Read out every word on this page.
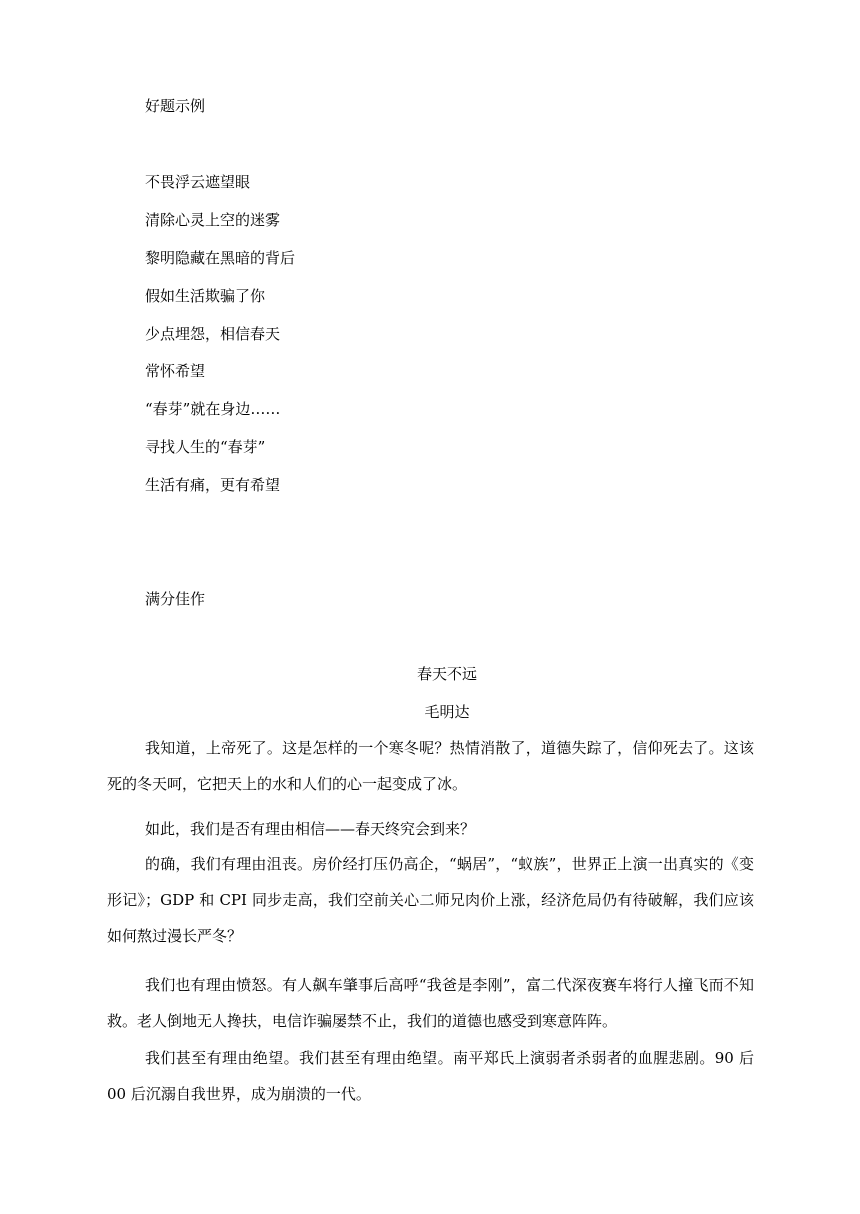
好题示例
不畏浮云遮望眼
清除心灵上空的迷雾
黎明隐藏在黑暗的背后
假如生活欺骗了你
少点埋怨，相信春天
常怀希望
“春芽”就在身边……
寻找人生的“春芽”
生活有痛，更有希望
满分佳作
春天不远
毛明达
我知道，上帝死了。这是怎样的一个寒冬呢？热情消散了，道德失踪了，信仰死去了。这该死的冬天呵，它把天上的水和人们的心一起变成了冰。
如此，我们是否有理由相信——春天终究会到来？
的确，我们有理由沮丧。房价经打压仍高企，“蜗居”，“蚁族”，世界正上演一出真实的《变形记》；GDP 和 CPI 同步走高，我们空前关心二师兄肉价上涨，经济危局仍有待破解，我们应该如何熬过漫长严冬？
我们也有理由愤怒。有人飙车肇事后高呼“我爸是李刚”，富二代深夜赛车将行人撞飞而不知救。老人倒地无人搀扶，电信诈骗屡禁不止，我们的道德也感受到寒意阵阵。
我们甚至有理由绝望。我们甚至有理由绝望。南平郑氏上演弱者杀弱者的血腥悲剧。90 后 00 后沉溺自我世界，成为崩溃的一代。
